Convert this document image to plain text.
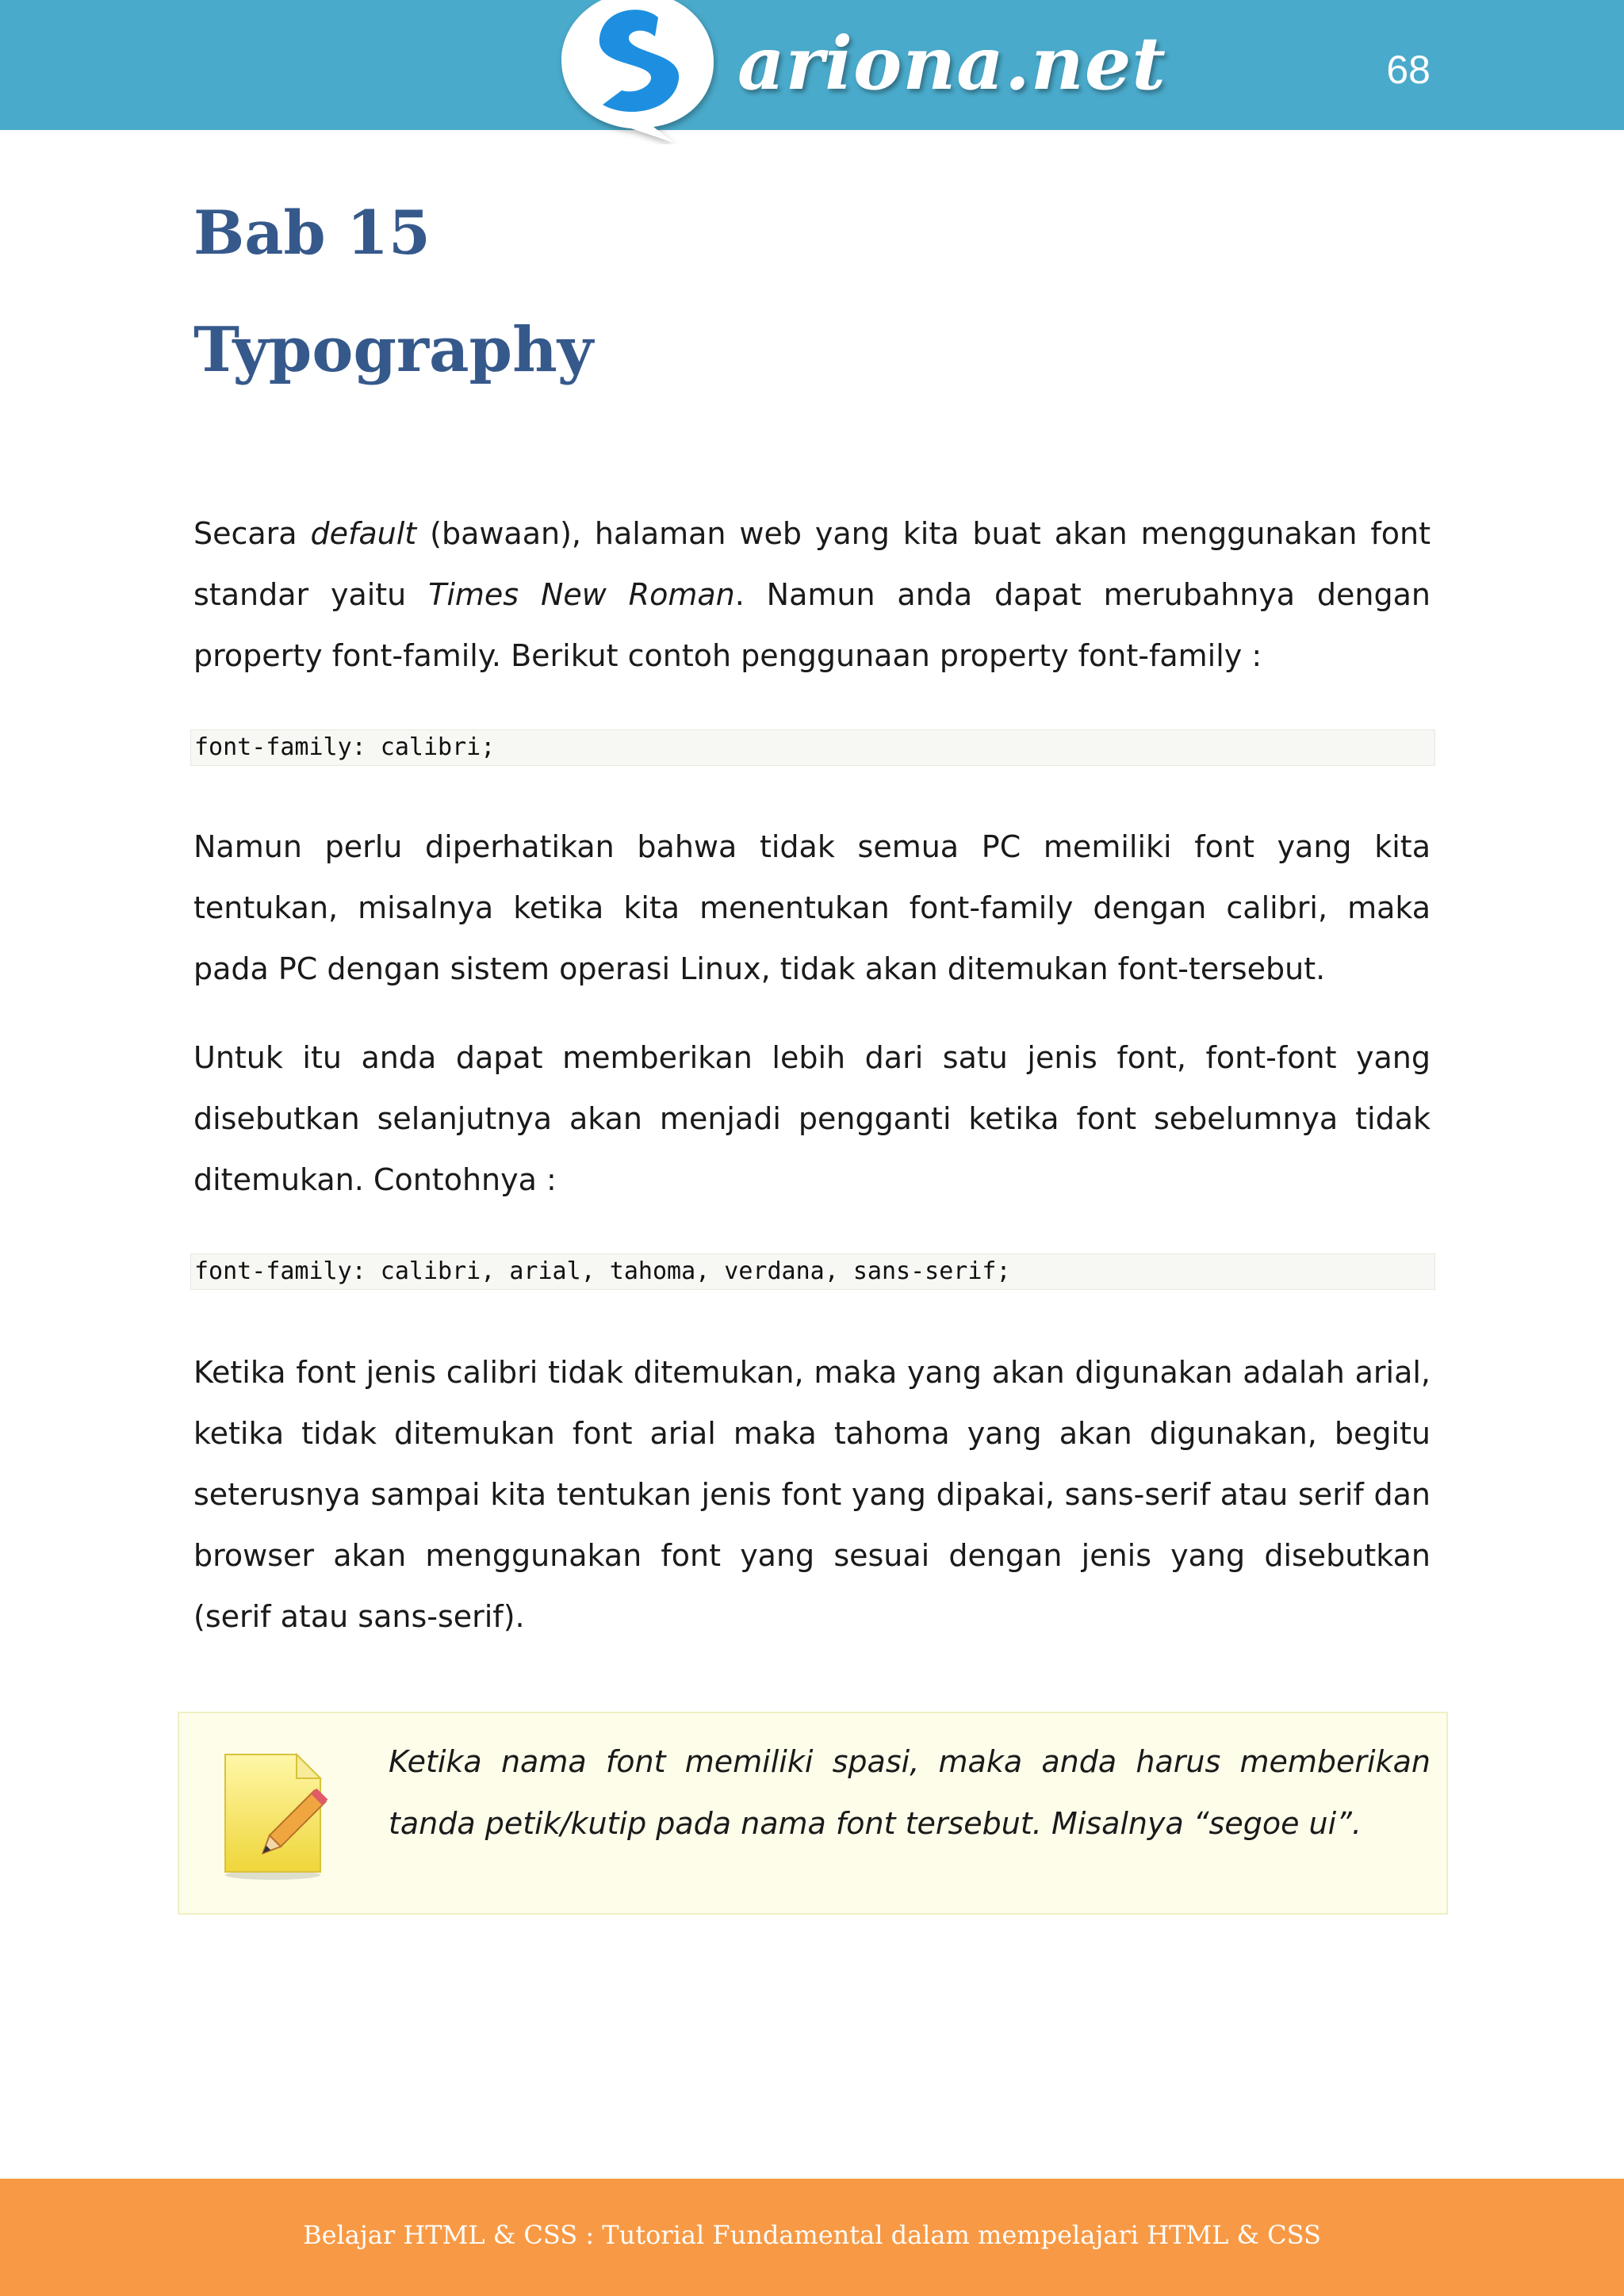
ariona.net	68
Bab 15
Typography

Secara default (bawaan), halaman web yang kita buat akan menggunakan font standar yaitu Times New Roman. Namun anda dapat merubahnya dengan property font-family. Berikut contoh penggunaan property font-family :

font-family: calibri;

Namun perlu diperhatikan bahwa tidak semua PC memiliki font yang kita tentukan, misalnya ketika kita menentukan font-family dengan calibri, maka pada PC dengan sistem operasi Linux, tidak akan ditemukan font-tersebut.

Untuk itu anda dapat memberikan lebih dari satu jenis font, font-font yang disebutkan selanjutnya akan menjadi pengganti ketika font sebelumnya tidak ditemukan. Contohnya :

font-family: calibri, arial, tahoma, verdana, sans-serif;

Ketika font jenis calibri tidak ditemukan, maka yang akan digunakan adalah arial, ketika tidak ditemukan font arial maka tahoma yang akan digunakan, begitu seterusnya sampai kita tentukan jenis font yang dipakai, sans-serif atau serif dan browser akan menggunakan font yang sesuai dengan jenis yang disebutkan (serif atau sans-serif).

Ketika nama font memiliki spasi, maka anda harus memberikan tanda petik/kutip pada nama font tersebut. Misalnya “segoe ui”.

Belajar HTML & CSS : Tutorial Fundamental dalam mempelajari HTML & CSS
